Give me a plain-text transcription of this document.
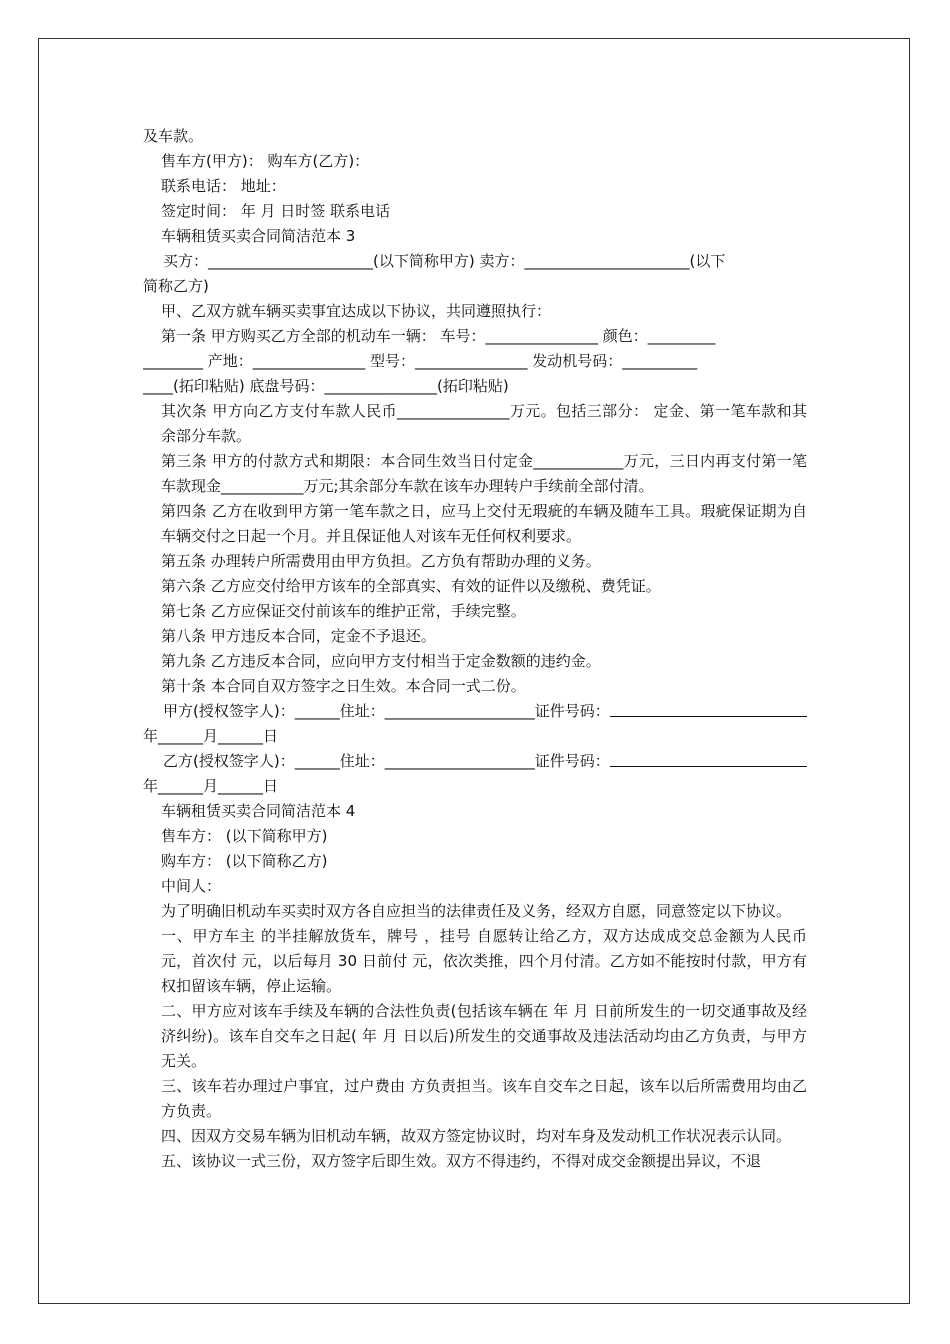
及车款。
售车方(甲方)： 购车方(乙方)：
联系电话： 地址：
签定时间： 年 月 日时签 联系电话
车辆租赁买卖合同简洁范本 3
买方：______________________(以下简称甲方) 卖方：______________________(以下
简称乙方)
甲、乙双方就车辆买卖事宜达成以下协议，共同遵照执行：
第一条 甲方购买乙方全部的机动车一辆： 车号：_______________ 颜色：_________
________ 产地：_______________ 型号：_______________ 发动机号码：__________
____(拓印粘贴) 底盘号码：_______________(拓印粘贴)
其次条 甲方向乙方支付车款人民币_______________万元。包括三部分： 定金、第一笔车款和其余部分车款。
第三条 甲方的付款方式和期限：本合同生效当日付定金____________万元，三日内再支付第一笔车款现金___________万元;其余部分车款在该车办理转户手续前全部付清。
第四条 乙方在收到甲方第一笔车款之日，应马上交付无瑕疵的车辆及随车工具。瑕疵保证期为自车辆交付之日起一个月。并且保证他人对该车无任何权利要求。
第五条 办理转户所需费用由甲方负担。乙方负有帮助办理的义务。
第六条 乙方应交付给甲方该车的全部真实、有效的证件以及缴税、费凭证。
第七条 乙方应保证交付前该车的维护正常，手续完整。
第八条 甲方违反本合同，定金不予退还。
第九条 乙方违反本合同，应向甲方支付相当于定金数额的违约金。
第十条 本合同自双方签字之日生效。本合同一式二份。
甲方(授权签字人)：______住址：____________________证件号码：
年______月______日
乙方(授权签字人)：______住址：____________________证件号码：
年______月______日
车辆租赁买卖合同简洁范本 4
售车方： (以下简称甲方)
购车方： (以下简称乙方)
中间人：
为了明确旧机动车买卖时双方各自应担当的法律责任及义务，经双方自愿，同意签定以下协议。
一、甲方车主 的半挂解放货车，牌号 ，挂号 自愿转让给乙方，双方达成成交总金额为人民币 元，首次付 元，以后每月 30 日前付 元，依次类推，四个月付清。乙方如不能按时付款，甲方有权扣留该车辆，停止运输。
二、甲方应对该车手续及车辆的合法性负责(包括该车辆在 年 月 日前所发生的一切交通事故及经济纠纷)。该车自交车之日起( 年 月 日以后)所发生的交通事故及违法活动均由乙方负责，与甲方无关。
三、该车若办理过户事宜，过户费由 方负责担当。该车自交车之日起，该车以后所需费用均由乙方负责。
四、因双方交易车辆为旧机动车辆，故双方签定协议时，均对车身及发动机工作状况表示认同。
五、该协议一式三份，双方签字后即生效。双方不得违约，不得对成交金额提出异议，不退
